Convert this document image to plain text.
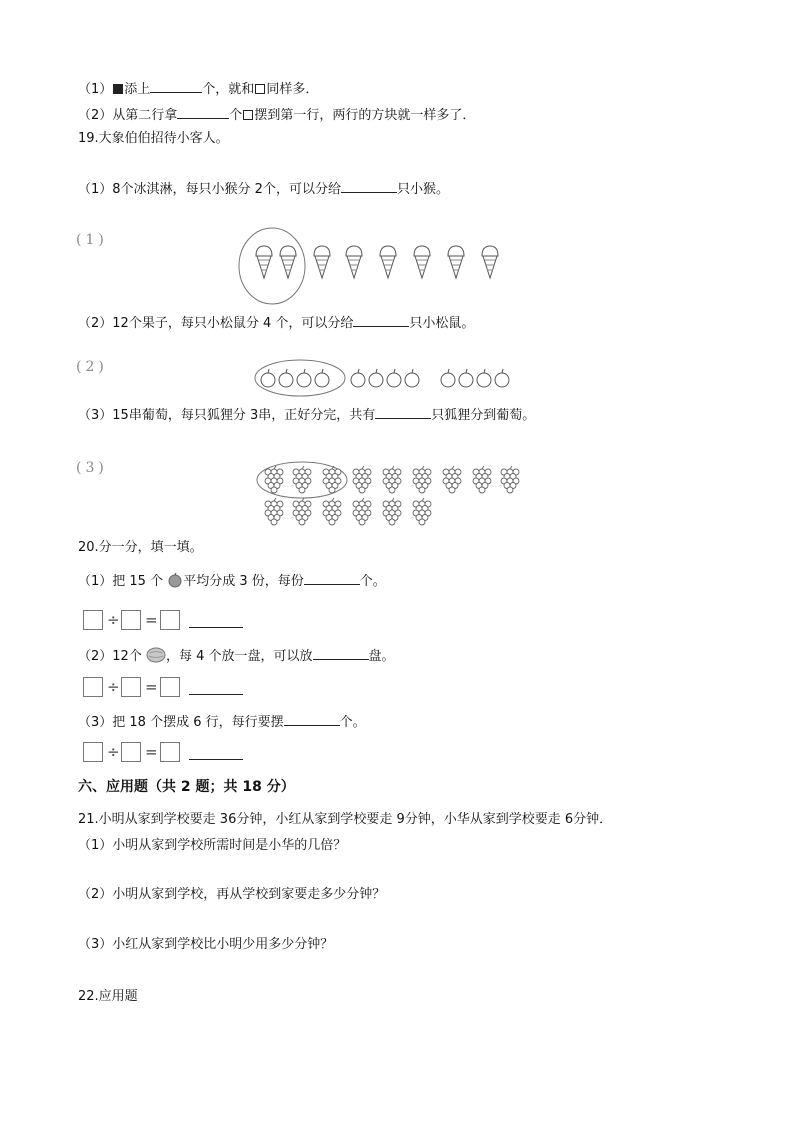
（1） 添上	个，就和 同样多．
（2）从第二行拿	个 摆到第一行，两行的方块就一样多了．
19.大象伯伯招待小客人。
（1）8个冰淇淋，每只小猴分 2个，可以分给	只小猴。
(1)
（2）12个果子，每只小松鼠分 4 个，可以分给	只小松鼠。
(2)
（3）15串葡萄，每只狐狸分 3串，正好分完，共有	只狐狸分到葡萄。
(3)
20.分一分，填一填。
（1）把 15 个 平均分成 3 份，每份	个。
÷ =
（2）12个 ，每 4 个放一盘，可以放	盘。
÷ =
（3）把 18 个摆成 6 行，每行要摆	个。
÷ =
六、应用题（共 2 题；共 18 分）
21.小明从家到学校要走 36分钟，小红从家到学校要走 9分钟，小华从家到学校要走 6分钟．
（1）小明从家到学校所需时间是小华的几倍？
（2）小明从家到学校，再从学校到家要走多少分钟？
（3）小红从家到学校比小明少用多少分钟？
22.应用题
